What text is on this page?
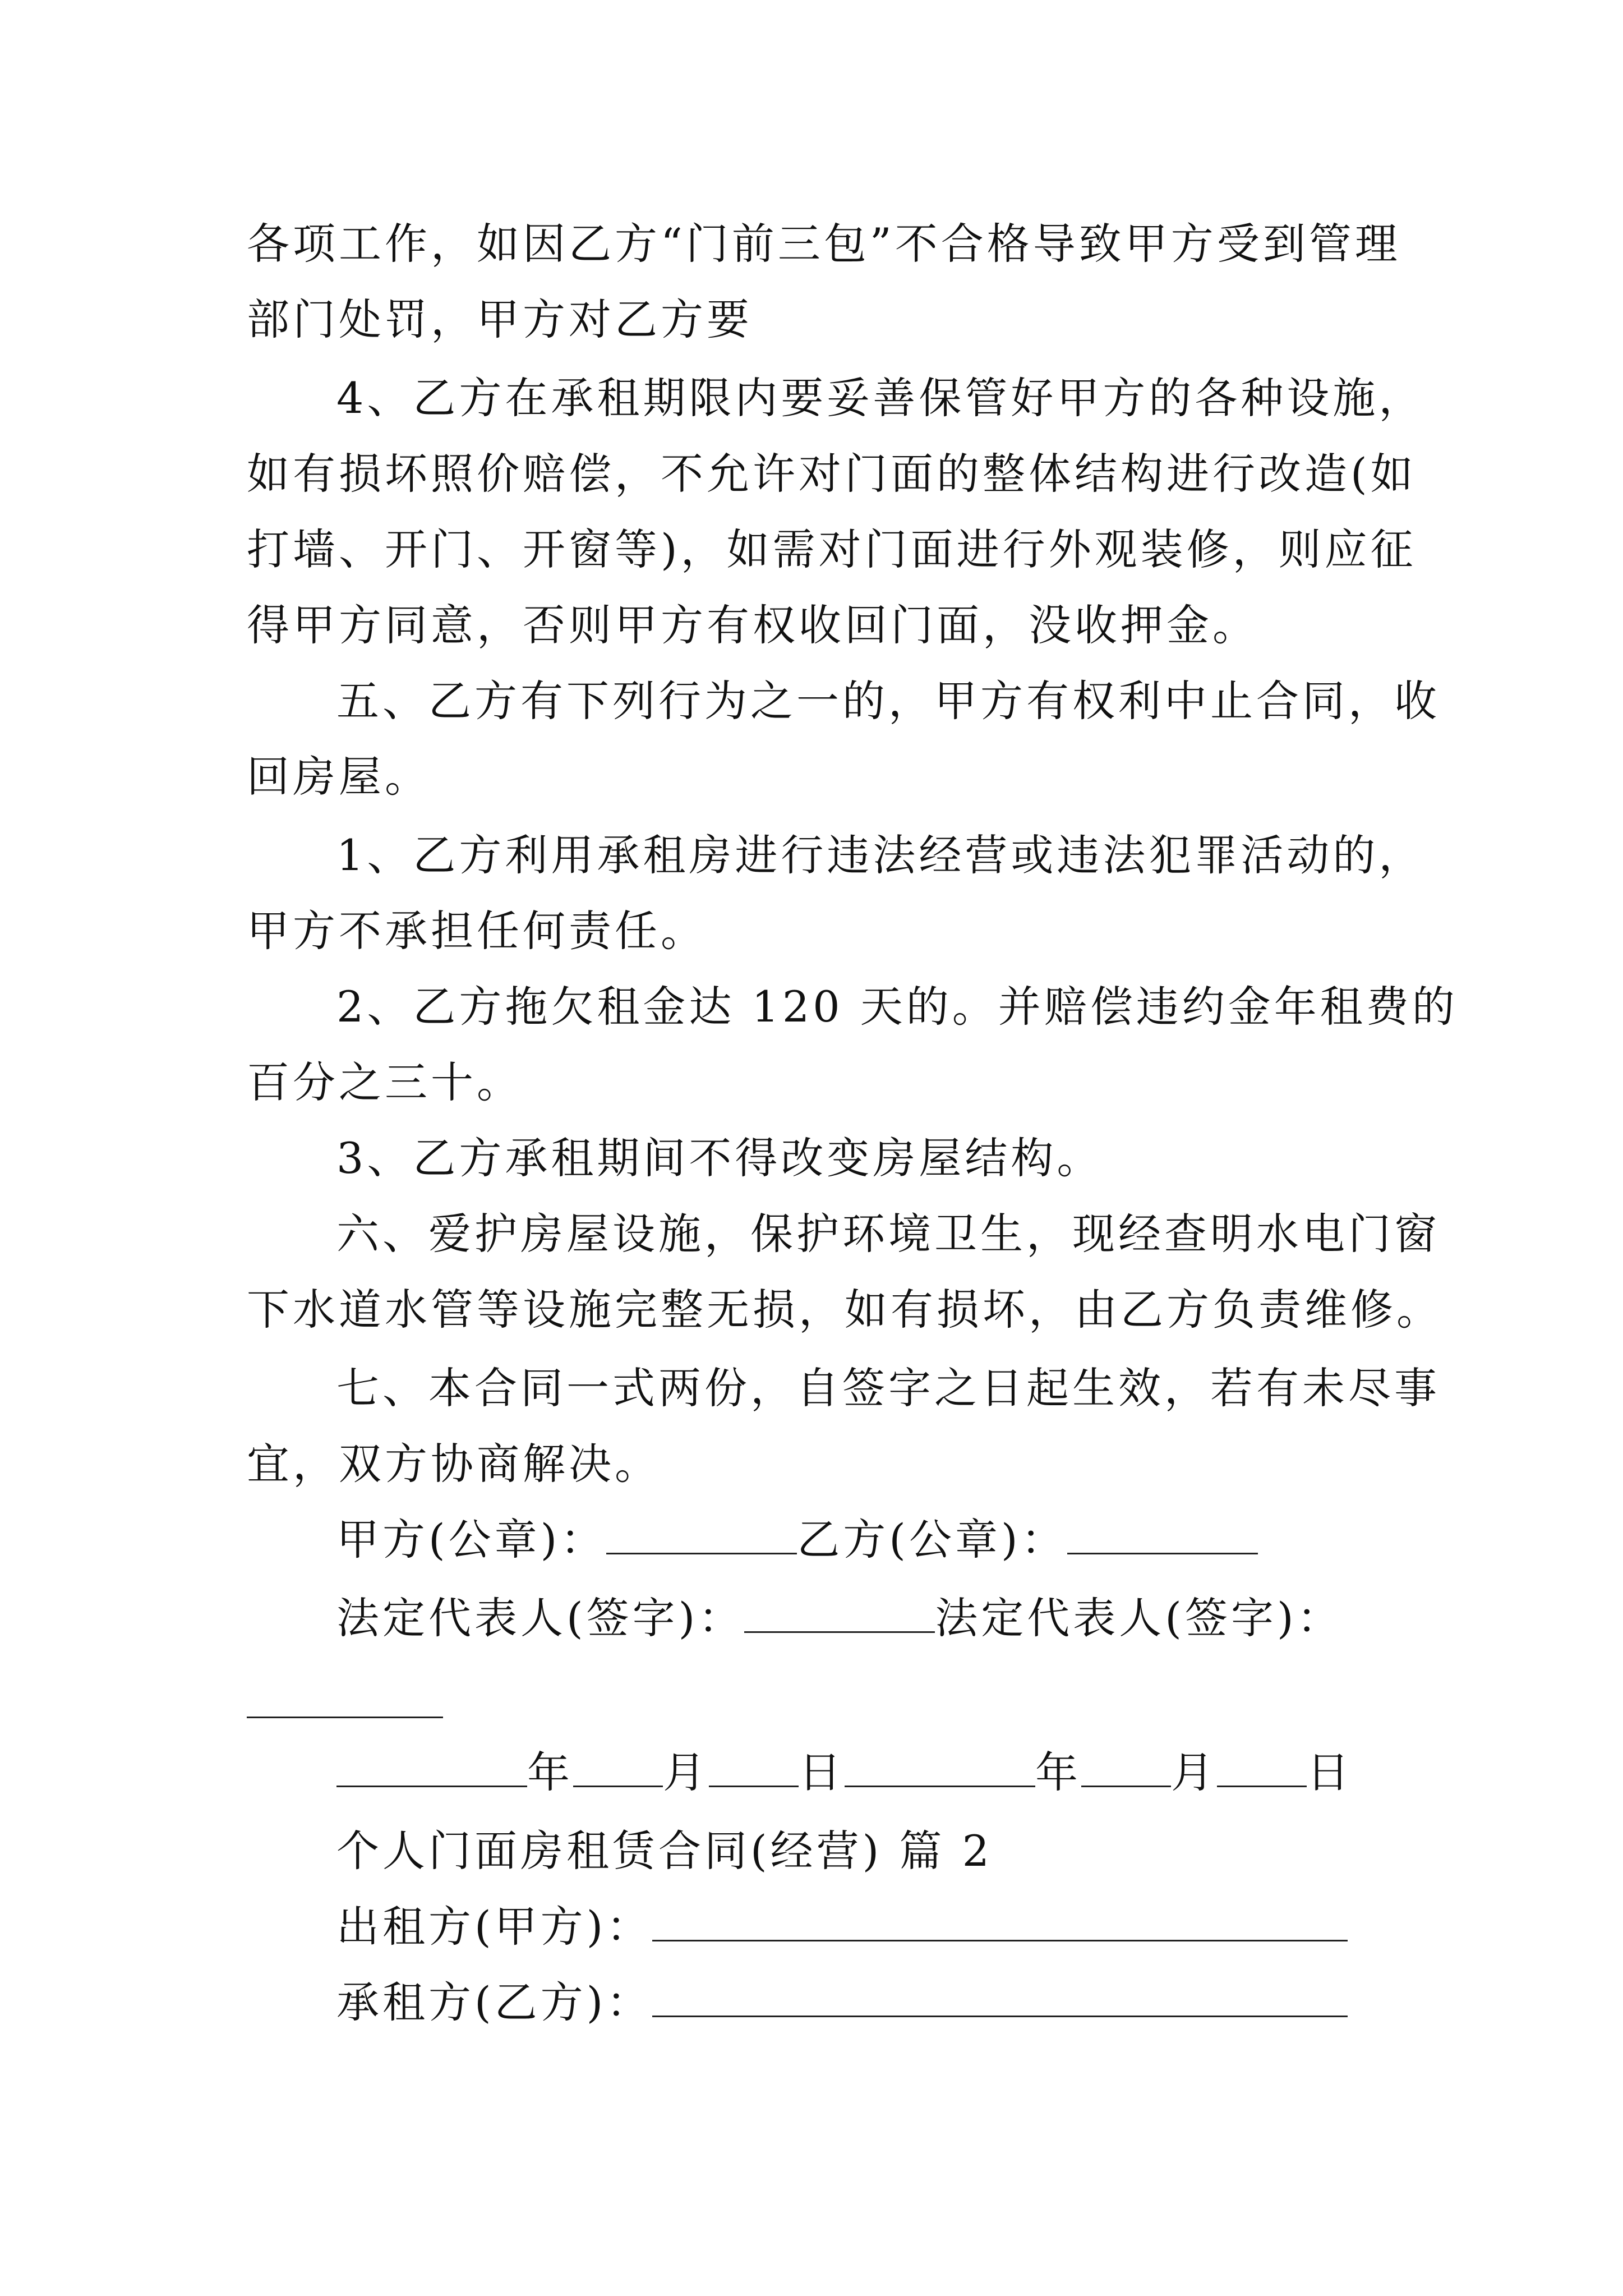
各项工作，如因乙方“门前三包”不合格导致甲方受到管理
部门处罚，甲方对乙方要
4、乙方在承租期限内要妥善保管好甲方的各种设施，
如有损坏照价赔偿，不允许对门面的整体结构进行改造(如
打墙、开门、开窗等)，如需对门面进行外观装修，则应征
得甲方同意，否则甲方有权收回门面，没收押金。
五、乙方有下列行为之一的，甲方有权利中止合同，收
回房屋。
1、乙方利用承租房进行违法经营或违法犯罪活动的，
甲方不承担任何责任。
2、乙方拖欠租金达 120 天的。并赔偿违约金年租费的
百分之三十。
3、乙方承租期间不得改变房屋结构。
六、爱护房屋设施，保护环境卫生，现经查明水电门窗
下水道水管等设施完整无损，如有损坏，由乙方负责维修。
七、本合同一式两份，自签字之日起生效，若有未尽事
宜，双方协商解决。
甲方(公章)：	乙方(公章)：
法定代表人(签字)：	法定代表人(签字)：
年 月 日	年 月 日
个人门面房租赁合同(经营) 篇 2
出租方(甲方)：
承租方(乙方)：
